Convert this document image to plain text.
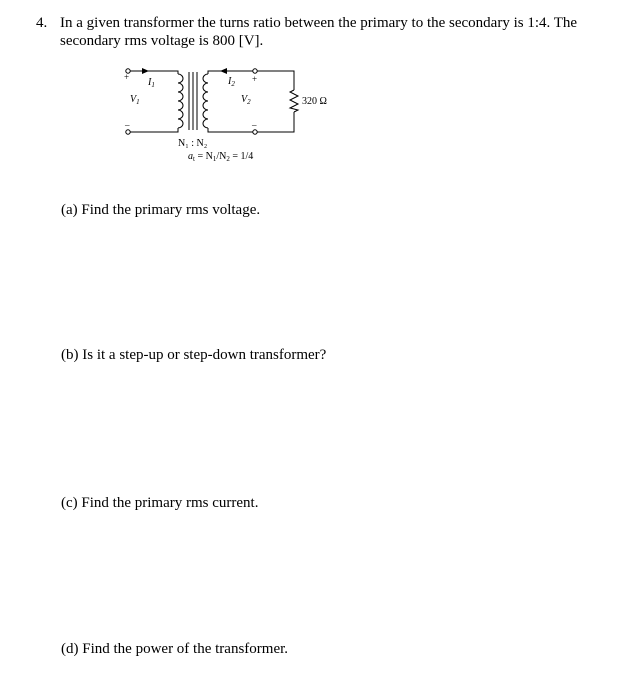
4. In a given transformer the turns ratio between the primary to the secondary is 1:4. The
secondary rms voltage is 800 [V].
+
–
+
–
$I_1$
$V_1$
$I_2$
$V_2$	320 Ω
N₁ : N₂
$a_t = N_1/N_2 = 1/4$
(a) Find the primary rms voltage.
(b) Is it a step-up or step-down transformer?
(c) Find the primary rms current.
(d) Find the power of the transformer.
